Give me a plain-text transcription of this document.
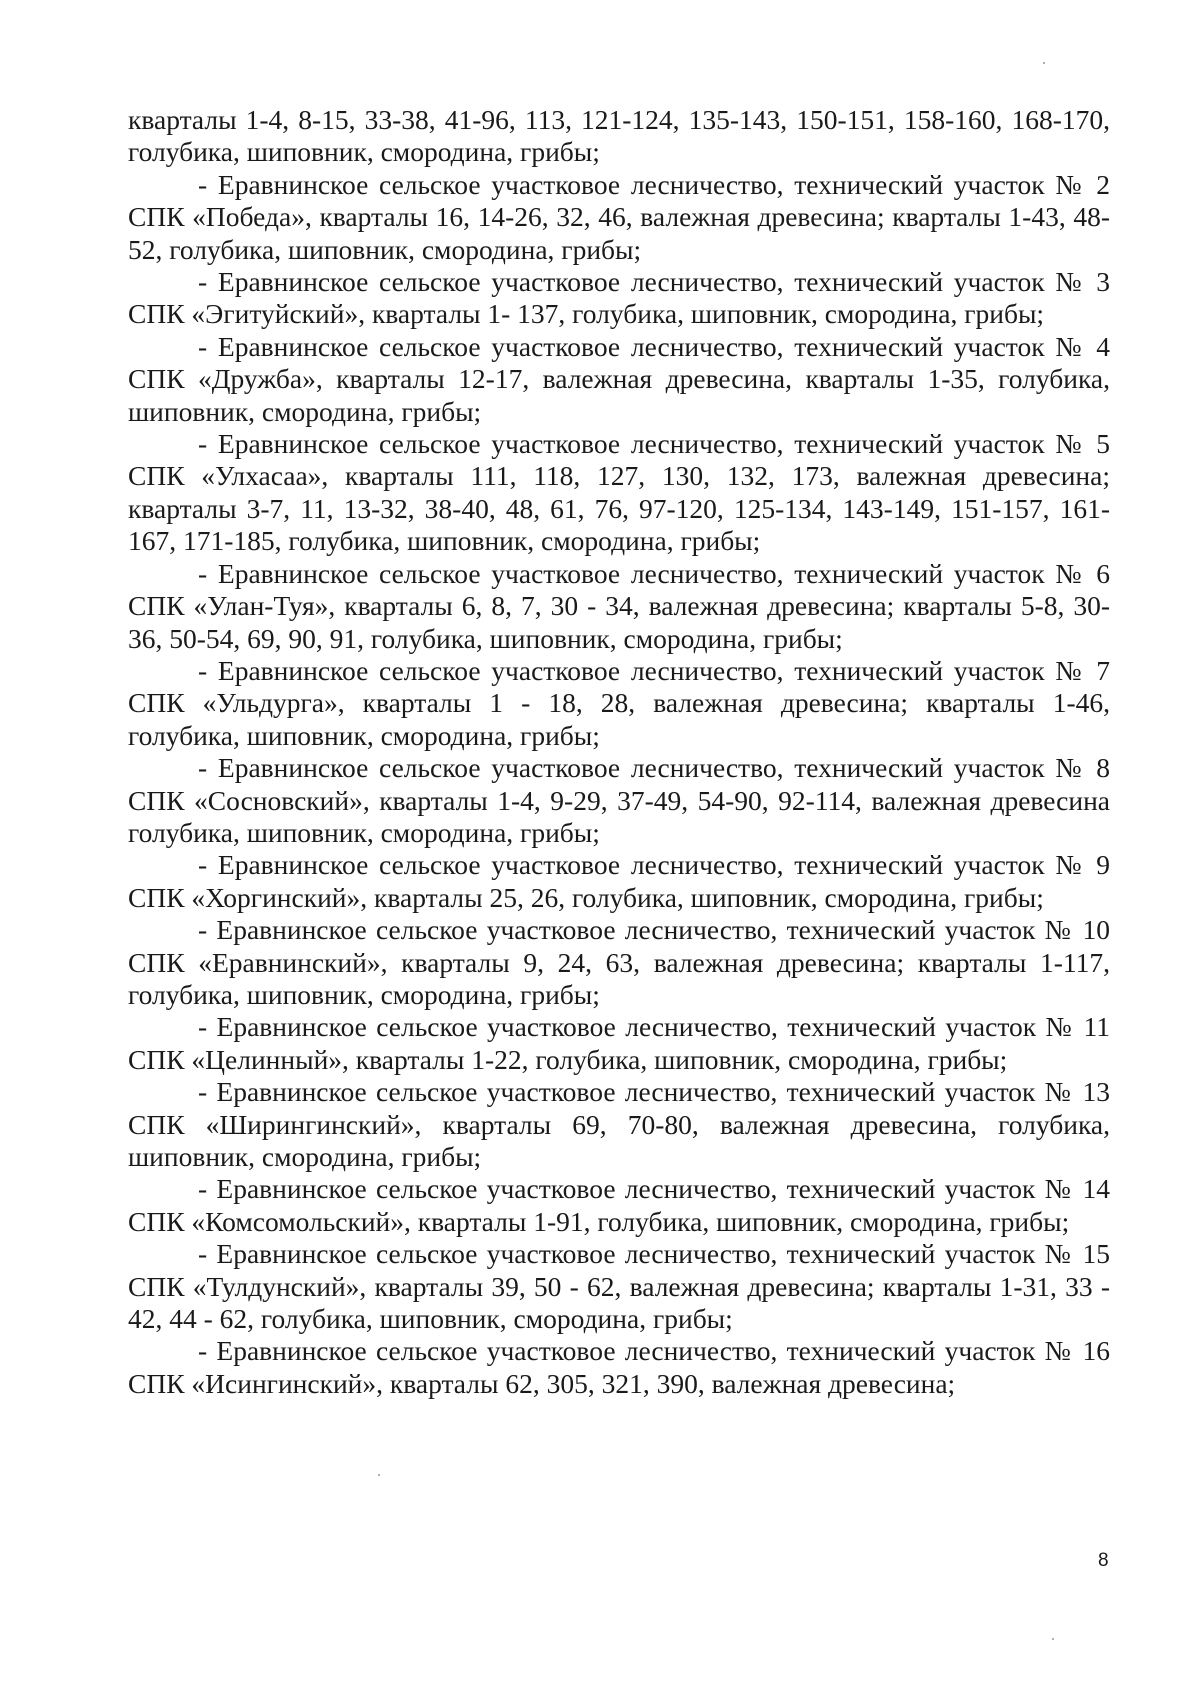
кварталы 1-4, 8-15, 33-38, 41-96, 113, 121-124, 135-143, 150-151, 158-160, 168-170, голубика, шиповник, смородина, грибы;

- Еравнинское сельское участковое лесничество, технический участок № 2 СПК «Победа», кварталы 16, 14-26, 32, 46, валежная древесина; кварталы 1-43, 48-52, голубика, шиповник, смородина, грибы;

- Еравнинское сельское участковое лесничество, технический участок № 3 СПК «Эгитуйский», кварталы 1- 137, голубика, шиповник, смородина, грибы;

- Еравнинское сельское участковое лесничество, технический участок № 4 СПК «Дружба», кварталы 12-17, валежная древесина, кварталы 1-35, голубика, шиповник, смородина, грибы;

- Еравнинское сельское участковое лесничество, технический участок № 5 СПК «Улхасаа», кварталы 111, 118, 127, 130, 132, 173, валежная древесина; кварталы 3-7, 11, 13-32, 38-40, 48, 61, 76, 97-120, 125-134, 143-149, 151-157, 161-167, 171-185, голубика, шиповник, смородина, грибы;

- Еравнинское сельское участковое лесничество, технический участок № 6 СПК «Улан-Туя», кварталы 6, 8, 7, 30 - 34, валежная древесина; кварталы 5-8, 30-36, 50-54, 69, 90, 91, голубика, шиповник, смородина, грибы;

- Еравнинское сельское участковое лесничество, технический участок № 7 СПК «Ульдурга», кварталы 1 - 18, 28, валежная древесина; кварталы 1-46, голубика, шиповник, смородина, грибы;

- Еравнинское сельское участковое лесничество, технический участок № 8 СПК «Сосновский», кварталы 1-4, 9-29, 37-49, 54-90, 92-114, валежная древесина голубика, шиповник, смородина, грибы;

- Еравнинское сельское участковое лесничество, технический участок № 9 СПК «Хоргинский», кварталы 25, 26, голубика, шиповник, смородина, грибы;

- Еравнинское сельское участковое лесничество, технический участок № 10 СПК «Еравнинский», кварталы 9, 24, 63, валежная древесина; кварталы 1-117, голубика, шиповник, смородина, грибы;

- Еравнинское сельское участковое лесничество, технический участок № 11 СПК «Целинный», кварталы 1-22, голубика, шиповник, смородина, грибы;

- Еравнинское сельское участковое лесничество, технический участок № 13 СПК «Ширингинский», кварталы 69, 70-80, валежная древесина, голубика, шиповник, смородина, грибы;

- Еравнинское сельское участковое лесничество, технический участок № 14 СПК «Комсомольский», кварталы 1-91, голубика, шиповник, смородина, грибы;

- Еравнинское сельское участковое лесничество, технический участок № 15 СПК «Тулдунский», кварталы 39, 50 - 62, валежная древесина; кварталы 1-31, 33 - 42, 44 - 62, голубика, шиповник, смородина, грибы;

- Еравнинское сельское участковое лесничество, технический участок № 16 СПК «Исингинский», кварталы 62, 305, 321, 390, валежная древесина;

8
